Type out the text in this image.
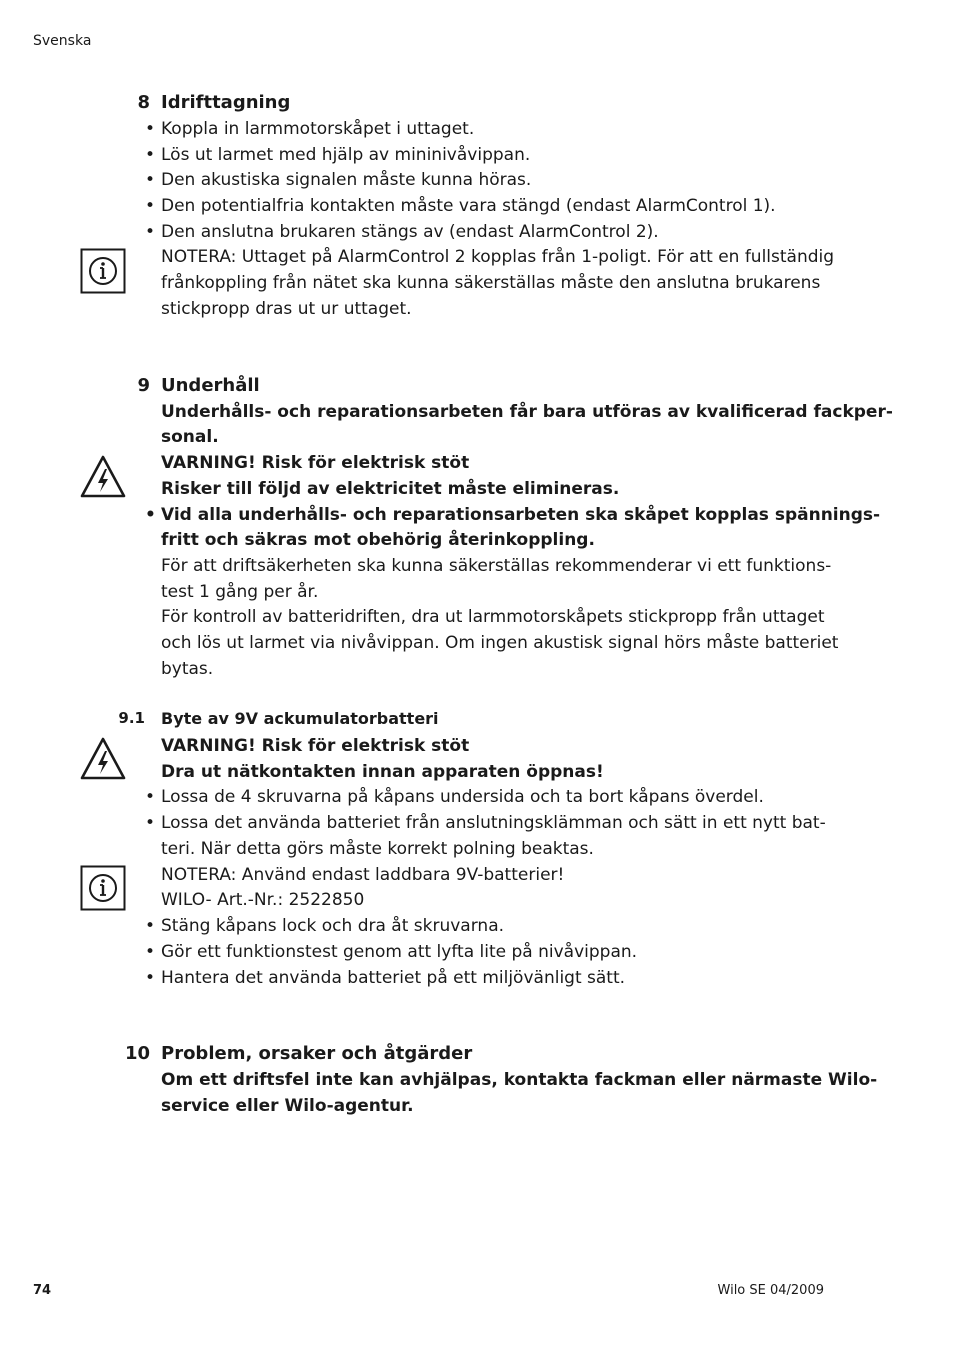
Svenska
8 Idrifttagning
• Koppla in larmmotorskåpet i uttaget.
• Lös ut larmet med hjälp av mininivåvippan.
• Den akustiska signalen måste kunna höras.
• Den potentialfria kontakten måste vara stängd (endast AlarmControl 1).
• Den anslutna brukaren stängs av (endast AlarmControl 2).
NOTERA: Uttaget på AlarmControl 2 kopplas från 1-poligt. För att en fullständig
frånkoppling från nätet ska kunna säkerställas måste den anslutna brukarens
stickpropp dras ut ur uttaget.
9 Underhåll
Underhålls- och reparationsarbeten får bara utföras av kvalificerad fackper-
sonal.
VARNING! Risk för elektrisk stöt
Risker till följd av elektricitet måste elimineras.
• Vid alla underhålls- och reparationsarbeten ska skåpet kopplas spännings-
fritt och säkras mot obehörig återinkoppling.
För att driftsäkerheten ska kunna säkerställas rekommenderar vi ett funktions-
test 1 gång per år.
För kontroll av batteridriften, dra ut larmmotorskåpets stickpropp från uttaget
och lös ut larmet via nivåvippan. Om ingen akustisk signal hörs måste batteriet
bytas.
9.1 Byte av 9V ackumulatorbatteri
VARNING! Risk för elektrisk stöt
Dra ut nätkontakten innan apparaten öppnas!
• Lossa de 4 skruvarna på kåpans undersida och ta bort kåpans överdel.
• Lossa det använda batteriet från anslutningsklämman och sätt in ett nytt bat-
teri. När detta görs måste korrekt polning beaktas.
NOTERA: Använd endast laddbara 9V-batterier!
WILO- Art.-Nr.: 2522850
• Stäng kåpans lock och dra åt skruvarna.
• Gör ett funktionstest genom att lyfta lite på nivåvippan.
• Hantera det använda batteriet på ett miljövänligt sätt.
10 Problem, orsaker och åtgärder
Om ett driftsfel inte kan avhjälpas, kontakta fackman eller närmaste Wilo-
service eller Wilo-agentur.
74	Wilo SE 04/2009
